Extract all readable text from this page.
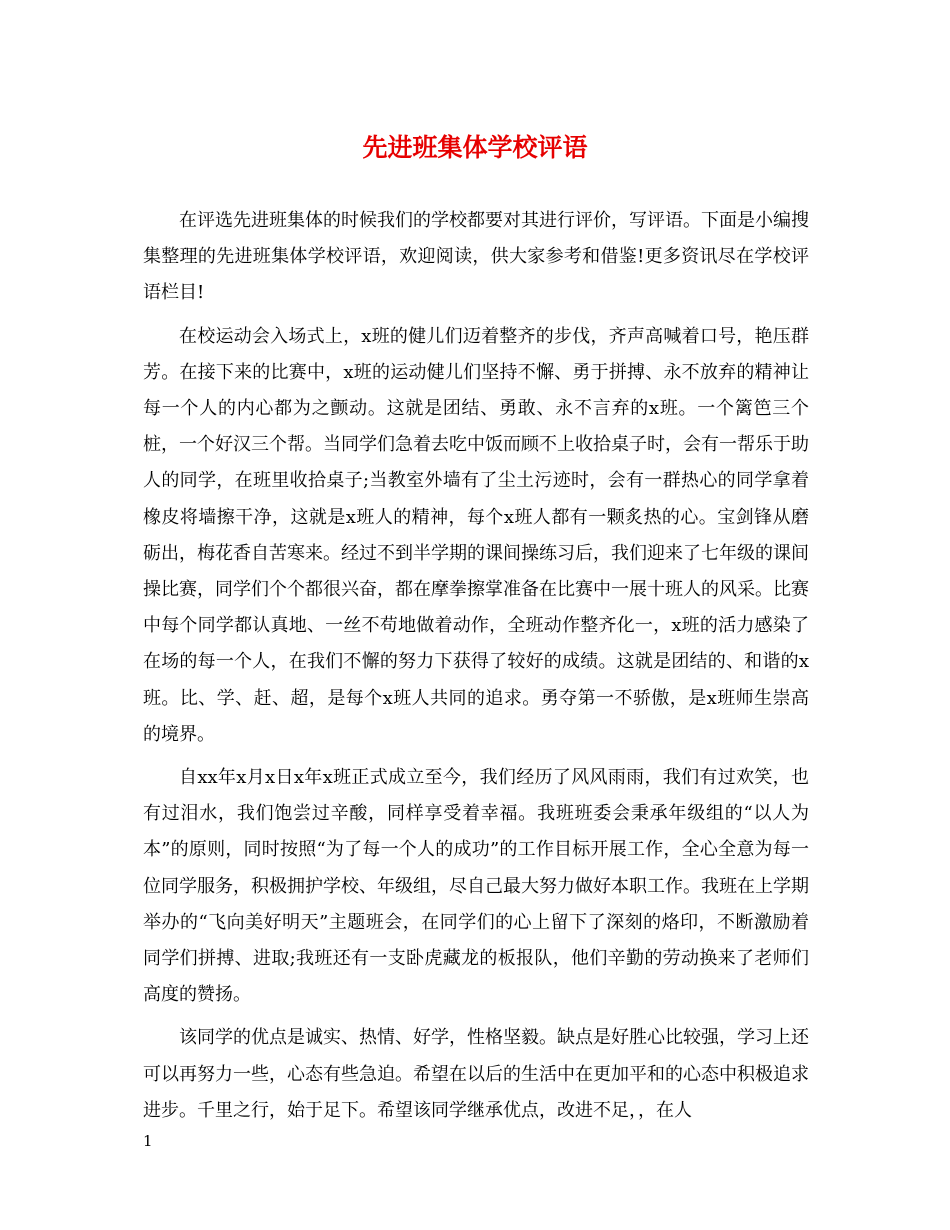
先进班集体学校评语

在评选先进班集体的时候我们的学校都要对其进行评价，写评语。下面是小编搜集整理的先进班集体学校评语，欢迎阅读，供大家参考和借鉴!更多资讯尽在学校评语栏目!

在校运动会入场式上，x班的健儿们迈着整齐的步伐，齐声高喊着口号，艳压群芳。在接下来的比赛中，x班的运动健儿们坚持不懈、勇于拼搏、永不放弃的精神让每一个人的内心都为之颤动。这就是团结、勇敢、永不言弃的x班。一个篱笆三个桩，一个好汉三个帮。当同学们急着去吃中饭而顾不上收拾桌子时，会有一帮乐于助人的同学，在班里收拾桌子;当教室外墙有了尘土污迹时，会有一群热心的同学拿着橡皮将墙擦干净，这就是x班人的精神，每个x班人都有一颗炙热的心。宝剑锋从磨砺出，梅花香自苦寒来。经过不到半学期的课间操练习后，我们迎来了七年级的课间操比赛，同学们个个都很兴奋，都在摩拳擦掌准备在比赛中一展十班人的风采。比赛中每个同学都认真地、一丝不苟地做着动作，全班动作整齐化一，x班的活力感染了在场的每一个人，在我们不懈的努力下获得了较好的成绩。这就是团结的、和谐的x班。比、学、赶、超，是每个x班人共同的追求。勇夺第一不骄傲，是x班师生崇高的境界。

自xx年x月x日x年x班正式成立至今，我们经历了风风雨雨，我们有过欢笑，也有过泪水，我们饱尝过辛酸，同样享受着幸福。我班班委会秉承年级组的“以人为本”的原则，同时按照“为了每一个人的成功”的工作目标开展工作，全心全意为每一位同学服务，积极拥护学校、年级组，尽自己最大努力做好本职工作。我班在上学期举办的“飞向美好明天”主题班会，在同学们的心上留下了深刻的烙印，不断激励着同学们拼搏、进取;我班还有一支卧虎藏龙的板报队，他们辛勤的劳动换来了老师们高度的赞扬。

该同学的优点是诚实、热情、好学，性格坚毅。缺点是好胜心比较强，学习上还可以再努力一些，心态有些急迫。希望在以后的生活中在更加平和的心态中积极追求进步。千里之行，始于足下。希望该同学继承优点，改进不足，，在人

1
